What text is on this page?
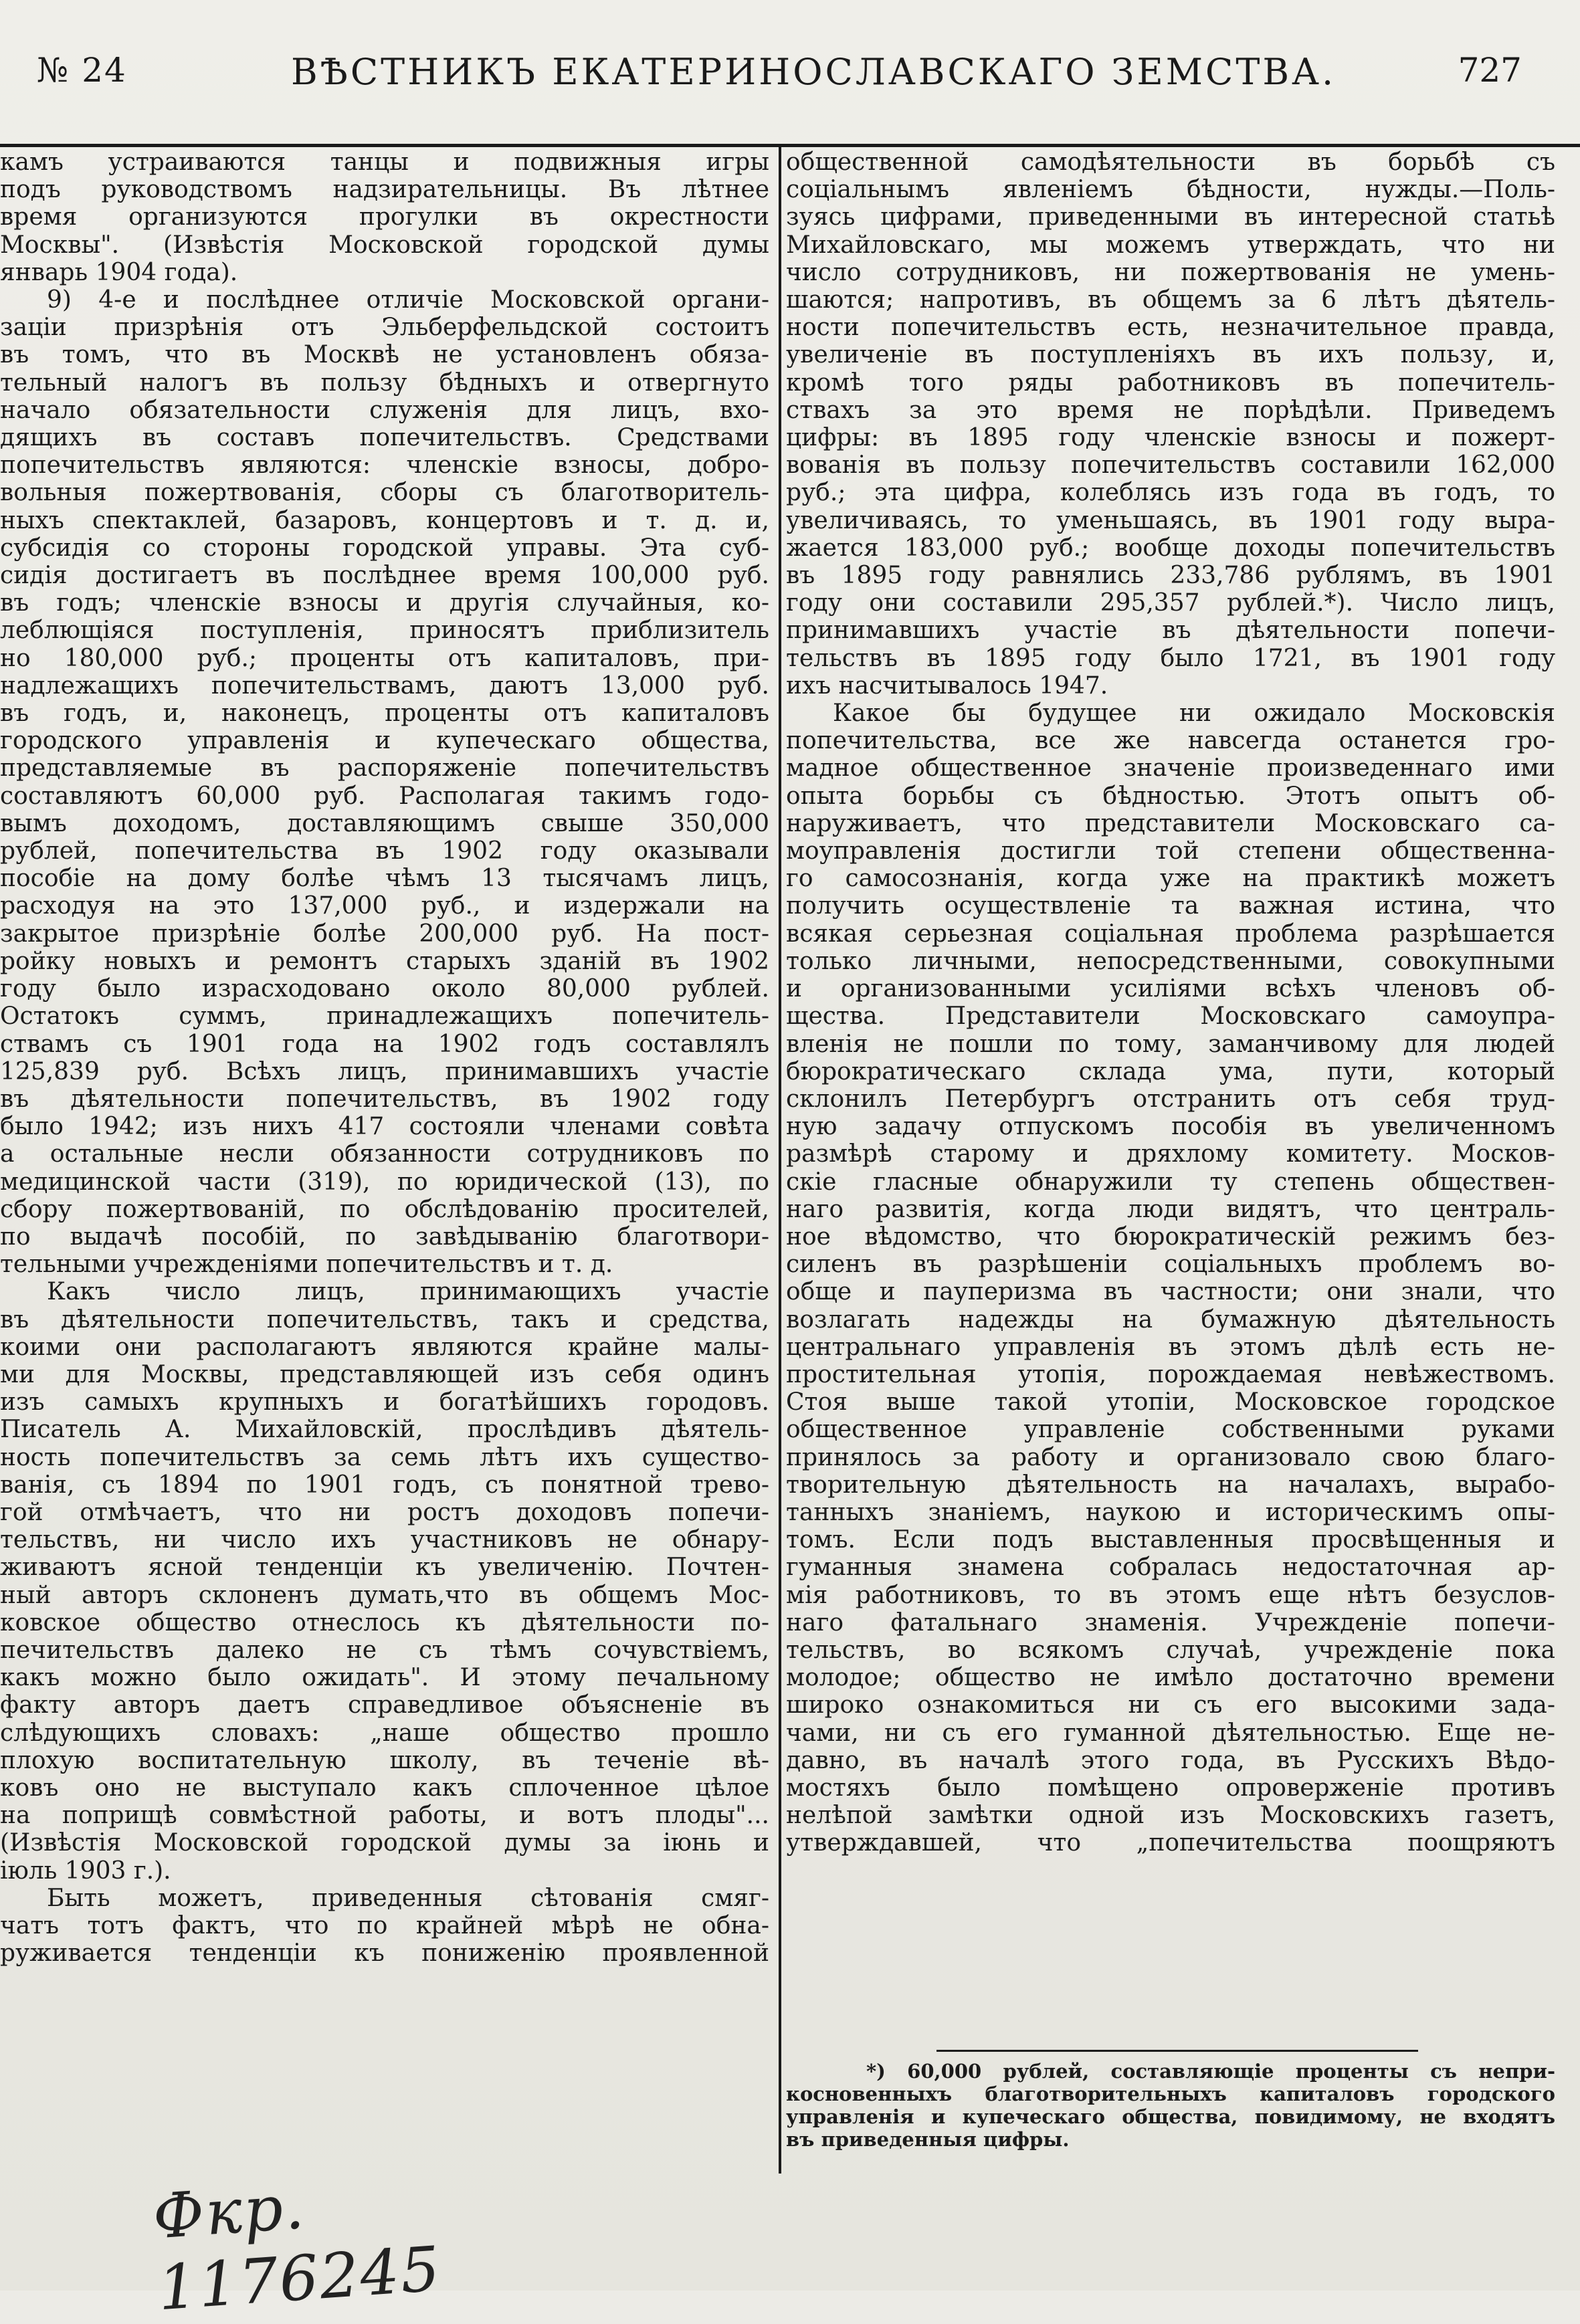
№ 24	ВѢСТНИКЪ ЕКАТЕРИНОСЛАВСКАГО ЗЕМСТВА.	727
камъ устраиваются танцы и подвижныя игры
подъ руководствомъ надзирательницы. Въ лѣтнее
время организуются прогулки въ окрестности
Москвы". (Извѣстія Московской городской думы
январь 1904 года).
9) 4-е и послѣднее отличіе Московской органи-
заціи призрѣнія отъ Эльберфельдской состоитъ
въ томъ, что въ Москвѣ не установленъ обяза-
тельный налогъ въ пользу бѣдныхъ и отвергнуто
начало обязательности служенія для лицъ, вхо-
дящихъ въ составъ попечительствъ. Средствами
попечительствъ являются: членскіе взносы, добро-
вольныя пожертвованія, сборы съ благотворитель-
ныхъ спектаклей, базаровъ, концертовъ и т. д. и,
субсидія со стороны городской управы. Эта суб-
сидія достигаетъ въ послѣднее время 100,000 руб.
въ годъ; членскіе взносы и другія случайныя, ко-
леблющіяся поступленія, приносятъ приблизитель
но 180,000 руб.; проценты отъ капиталовъ, при-
надлежащихъ попечительствамъ, даютъ 13,000 руб.
въ годъ, и, наконецъ, проценты отъ капиталовъ
городского управленія и купеческаго общества,
представляемые въ распоряженіе попечительствъ
составляютъ 60,000 руб. Располагая такимъ годо-
вымъ доходомъ, доставляющимъ свыше 350,000
рублей, попечительства въ 1902 году оказывали
пособіе на дому болѣе чѣмъ 13 тысячамъ лицъ,
расходуя на это 137,000 руб., и издержали на
закрытое призрѣніе болѣе 200,000 руб. На пост-
ройку новыхъ и ремонтъ старыхъ зданій въ 1902
году было израсходовано около 80,000 рублей.
Остатокъ суммъ, принадлежащихъ попечитель-
ствамъ съ 1901 года на 1902 годъ составлялъ
125,839 руб. Всѣхъ лицъ, принимавшихъ участіе
въ дѣятельности попечительствъ, въ 1902 году
было 1942; изъ нихъ 417 состояли членами совѣта
а остальные несли обязанности сотрудниковъ по
медицинской части (319), по юридической (13), по
сбору пожертвованій, по обслѣдованію просителей,
по выдачѣ пособій, по завѣдыванію благотвори-
тельными учрежденіями попечительствъ и т. д.
Какъ число лицъ, принимающихъ участіе
въ дѣятельности попечительствъ, такъ и средства,
коими они располагаютъ являются крайне малы-
ми для Москвы, представляющей изъ себя одинъ
изъ самыхъ крупныхъ и богатѣйшихъ городовъ.
Писатель А. Михайловскій, прослѣдивъ дѣятель-
ность попечительствъ за семь лѣтъ ихъ существо-
ванія, съ 1894 по 1901 годъ, съ понятной трево-
гой отмѣчаетъ, что ни ростъ доходовъ попечи-
тельствъ, ни число ихъ участниковъ не обнару-
живаютъ ясной тенденціи къ увеличенію. Почтен-
ный авторъ склоненъ думать,что въ общемъ Мос-
ковское общество отнеслось къ дѣятельности по-
печительствъ далеко не съ тѣмъ сочувствіемъ,
какъ можно было ожидать". И этому печальному
факту авторъ даетъ справедливое объясненіе въ
слѣдующихъ словахъ: „наше общество прошло
плохую воспитательную школу, въ теченіе вѣ-
ковъ оно не выступало какъ сплоченное цѣлое
на поприщѣ совмѣстной работы, и вотъ плоды"...
(Извѣстія Московской городской думы за іюнь и
іюль 1903 г.).
Быть можетъ, приведенныя сѣтованія смяг-
чатъ тотъ фактъ, что по крайней мѣрѣ не обна-
руживается тенденціи къ пониженію проявленной
общественной самодѣятельности въ борьбѣ съ
соціальнымъ явленіемъ бѣдности, нужды.—Поль-
зуясь цифрами, приведенными въ интересной статьѣ
Михайловскаго, мы можемъ утверждать, что ни
число сотрудниковъ, ни пожертвованія не умень-
шаются; напротивъ, въ общемъ за 6 лѣтъ дѣятель-
ности попечительствъ есть, незначительное правда,
увеличеніе въ поступленіяхъ въ ихъ пользу, и,
кромѣ того ряды работниковъ въ попечитель-
ствахъ за это время не порѣдѣли. Приведемъ
цифры: въ 1895 году членскіе взносы и пожерт-
вованія въ пользу попечительствъ составили 162,000
руб.; эта цифра, колеблясь изъ года въ годъ, то
увеличиваясь, то уменьшаясь, въ 1901 году выра-
жается 183,000 руб.; вообще доходы попечительствъ
въ 1895 году равнялись 233,786 рублямъ, въ 1901
году они составили 295,357 рублей.*). Число лицъ,
принимавшихъ участіе въ дѣятельности попечи-
тельствъ въ 1895 году было 1721, въ 1901 году
ихъ насчитывалось 1947.
Какое бы будущее ни ожидало Московскія
попечительства, все же навсегда останется гро-
мадное общественное значеніе произведеннаго ими
опыта борьбы съ бѣдностью. Этотъ опытъ об-
наруживаетъ, что представители Московскаго са-
моуправленія достигли той степени общественна-
го самосознанія, когда уже на практикѣ можетъ
получить осуществленіе та важная истина, что
всякая серьезная соціальная проблема разрѣшается
только личными, непосредственными, совокупными
и организованными усиліями всѣхъ членовъ об-
щества. Представители Московскаго самоупра-
вленія не пошли по тому, заманчивому для людей
бюрократическаго склада ума, пути, который
склонилъ Петербургъ отстранить отъ себя труд-
ную задачу отпускомъ пособія въ увеличенномъ
размѣрѣ старому и дряхлому комитету. Москов-
скіе гласные обнаружили ту степень обществен-
наго развитія, когда люди видятъ, что централь-
ное вѣдомство, что бюрократическій режимъ без-
силенъ въ разрѣшеніи соціальныхъ проблемъ во-
обще и пауперизма въ частности; они знали, что
возлагать надежды на бумажную дѣятельность
центральнаго управленія въ этомъ дѣлѣ есть не-
простительная утопія, порождаемая невѣжествомъ.
Стоя выше такой утопіи, Московское городское
общественное управленіе собственными руками
принялось за работу и организовало свою благо-
творительную дѣятельность на началахъ, вырабо-
танныхъ знаніемъ, наукою и историческимъ опы-
томъ. Если подъ выставленныя просвѣщенныя и
гуманныя знамена собралась недостаточная ар-
мія работниковъ, то въ этомъ еще нѣтъ безуслов-
наго фатальнаго знаменія. Учрежденіе попечи-
тельствъ, во всякомъ случаѣ, учрежденіе пока
молодое; общество не имѣло достаточно времени
широко ознакомиться ни съ его высокими зада-
чами, ни съ его гуманной дѣятельностью. Еще не-
давно, въ началѣ этого года, въ Русскихъ Вѣдо-
мостяхъ было помѣщено опроверженіе противъ
нелѣпой замѣтки одной изъ Московскихъ газетъ,
утверждавшей, что „попечительства поощряютъ
*) 60,000 рублей, составляющіе проценты съ непри-
косновенныхъ благотворительныхъ капиталовъ городского
управленія и купеческаго общества, повидимому, не входятъ
въ приведенныя цифры.
Фкр. 1176245
